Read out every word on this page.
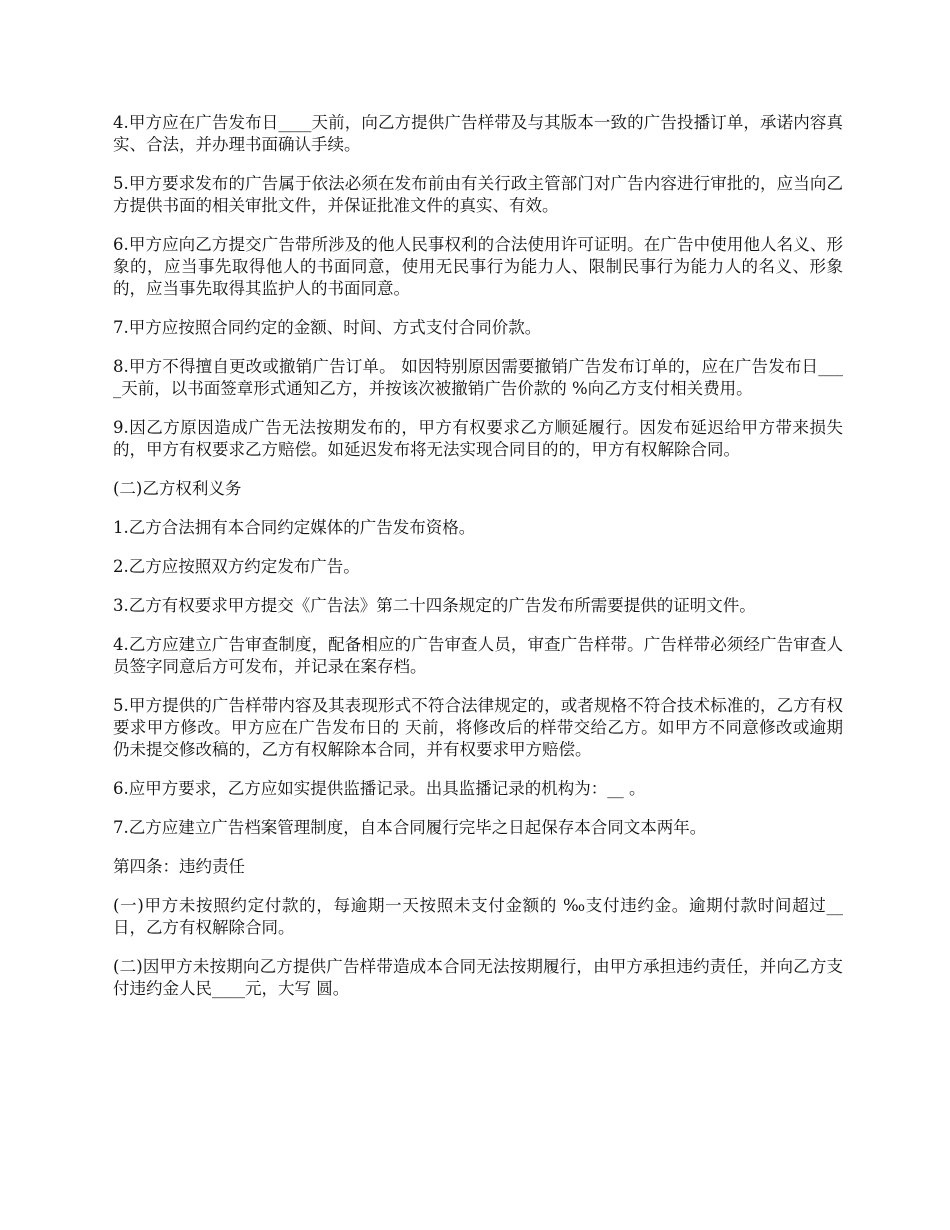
4.甲方应在广告发布日____天前，向乙方提供广告样带及与其版本一致的广告投播订单，承诺内容真实、合法，并办理书面确认手续。

5.甲方要求发布的广告属于依法必须在发布前由有关行政主管部门对广告内容进行审批的，应当向乙方提供书面的相关审批文件，并保证批准文件的真实、有效。

6.甲方应向乙方提交广告带所涉及的他人民事权利的合法使用许可证明。在广告中使用他人名义、形象的，应当事先取得他人的书面同意，使用无民事行为能力人、限制民事行为能力人的名义、形象的，应当事先取得其监护人的书面同意。

7.甲方应按照合同约定的金额、时间、方式支付合同价款。

8.甲方不得擅自更改或撤销广告订单。 如因特别原因需要撤销广告发布订单的，应在广告发布日____天前，以书面签章形式通知乙方，并按该次被撤销广告价款的 %向乙方支付相关费用。

9.因乙方原因造成广告无法按期发布的，甲方有权要求乙方顺延履行。因发布延迟给甲方带来损失的，甲方有权要求乙方赔偿。如延迟发布将无法实现合同目的的，甲方有权解除合同。

(二)乙方权利义务

1.乙方合法拥有本合同约定媒体的广告发布资格。

2.乙方应按照双方约定发布广告。

3.乙方有权要求甲方提交《广告法》第二十四条规定的广告发布所需要提供的证明文件。

4.乙方应建立广告审查制度，配备相应的广告审查人员，审查广告样带。广告样带必须经广告审查人员签字同意后方可发布，并记录在案存档。

5.甲方提供的广告样带内容及其表现形式不符合法律规定的，或者规格不符合技术标准的，乙方有权要求甲方修改。甲方应在广告发布日的 天前，将修改后的样带交给乙方。如甲方不同意修改或逾期仍未提交修改稿的，乙方有权解除本合同，并有权要求甲方赔偿。

6.应甲方要求，乙方应如实提供监播记录。出具监播记录的机构为：__ 。

7.乙方应建立广告档案管理制度，自本合同履行完毕之日起保存本合同文本两年。

第四条：违约责任

(一)甲方未按照约定付款的，每逾期一天按照未支付金额的 ‰支付违约金。逾期付款时间超过__日，乙方有权解除合同。

(二)因甲方未按期向乙方提供广告样带造成本合同无法按期履行，由甲方承担违约责任，并向乙方支付违约金人民____元，大写 圆。
